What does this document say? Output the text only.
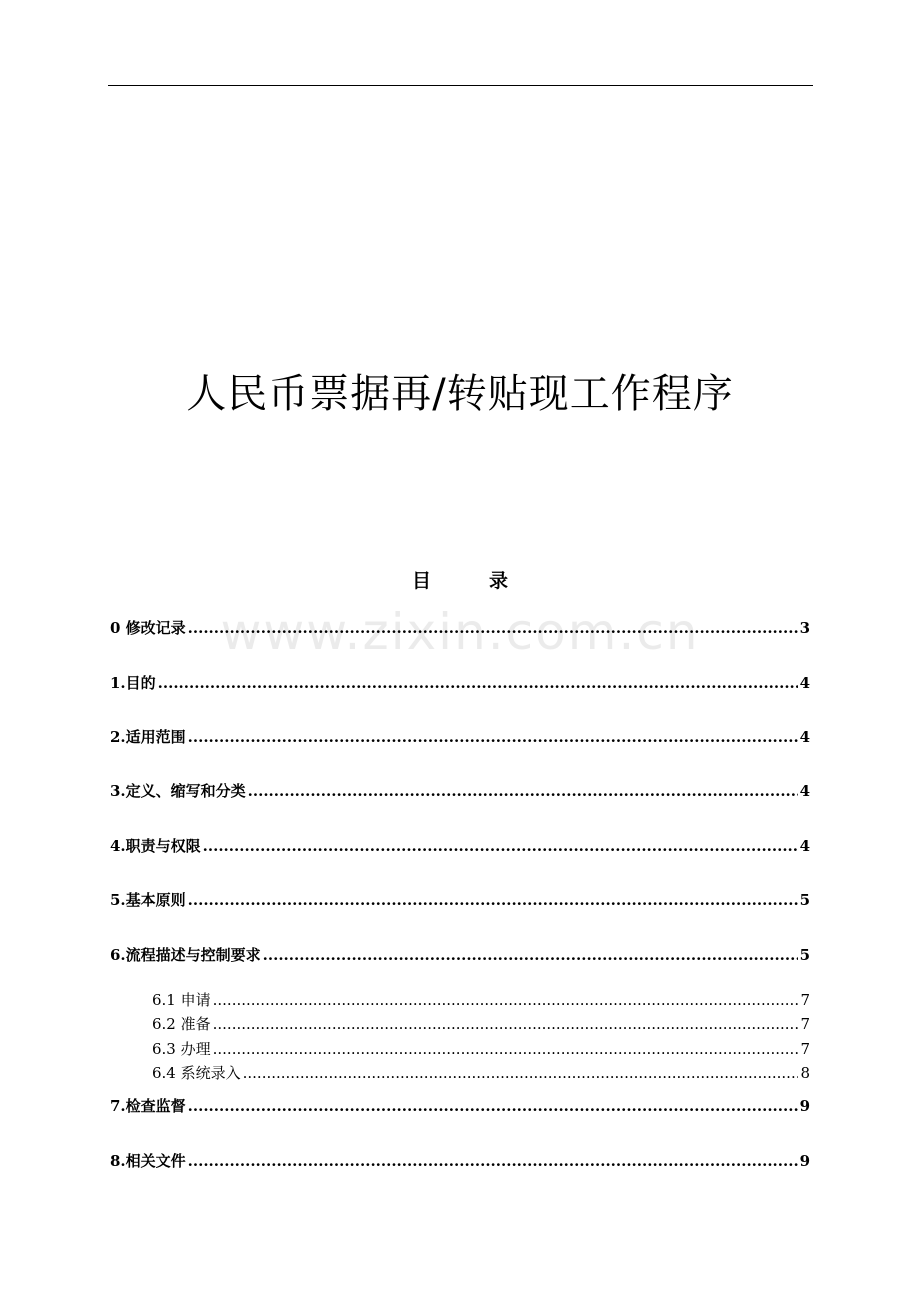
人民币票据再/转贴现工作程序
目	录
www.zixin.com.cn
0 修改记录 .....	3
1.目的 .....	4
2.适用范围 .....	4
3.定义、缩写和分类 .....	4
4.职责与权限 .....	4
5.基本原则 .....	5
6.流程描述与控制要求 .....	5
6.1 申请 .....	7
6.2 准备 .....	7
6.3 办理 .....	7
6.4 系统录入 .....	8
7.检查监督 .....	9
8.相关文件 .....	9
